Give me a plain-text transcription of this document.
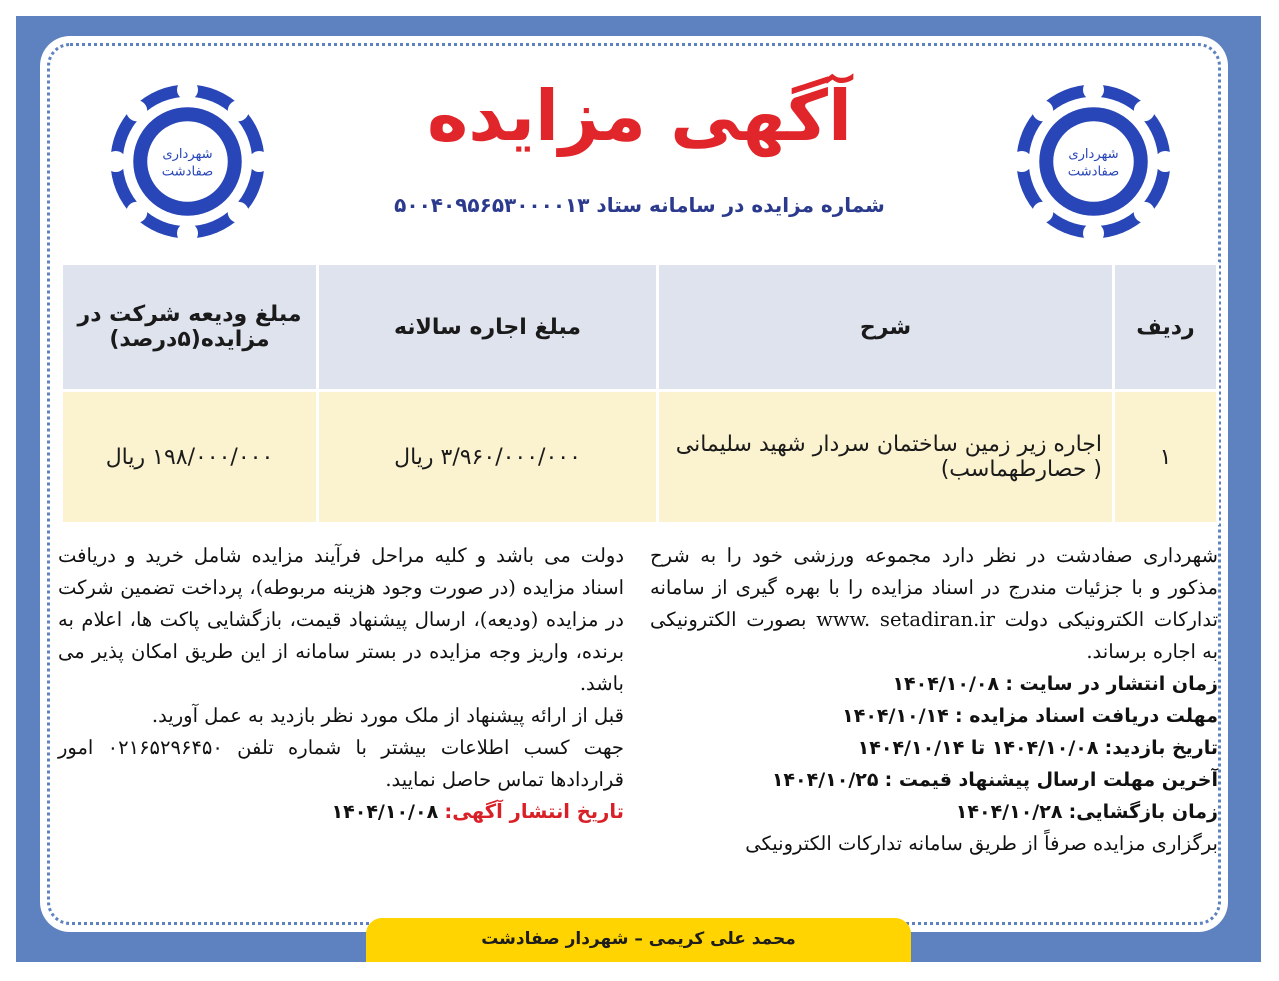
شهرداری
صفادشت
شهرداری
صفادشت
آگهی مزایده
شماره مزایده در سامانه ستاد ۵۰۰۴۰۹۵۶۵۳۰۰۰۰۱۳
ردیف	شرح	مبلغ اجاره سالانه	مبلغ ودیعه شرکت در مزایده(۵درصد)
۱	اجاره زیر زمین ساختمان سردار شهید سلیمانی ( حصارطهماسب)	۳/۹۶۰/۰۰۰/۰۰۰ ریال	۱۹۸/۰۰۰/۰۰۰ ریال
شهرداری صفادشت در نظر دارد مجموعه ورزشی خود را به شرح مذکور و با جزئیات مندرج در اسناد مزایده را با بهره گیری از سامانه تدارکات الکترونیکی دولت www. setadiran.ir بصورت الکترونیکی به اجاره برساند.
زمان انتشار در سایت : ۱۴۰۴/۱۰/۰۸
مهلت دریافت اسناد مزایده : ۱۴۰۴/۱۰/۱۴
تاریخ بازدید: ۱۴۰۴/۱۰/۰۸ تا ۱۴۰۴/۱۰/۱۴
آخرین مهلت ارسال پیشنهاد قیمت : ۱۴۰۴/۱۰/۲۵
زمان بازگشایی: ۱۴۰۴/۱۰/۲۸
برگزاری مزایده صرفاً از طریق سامانه تدارکات الکترونیکی
دولت می باشد و کلیه مراحل فرآیند مزایده شامل خرید و دریافت اسناد مزایده (در صورت وجود هزینه مربوطه)، پرداخت تضمین شرکت در مزایده (ودیعه)، ارسال پیشنهاد قیمت، بازگشایی پاکت ها، اعلام به برنده، واریز وجه مزایده در بستر سامانه از این طریق امکان پذیر می باشد.
قبل از ارائه پیشنهاد از ملک مورد نظر بازدید به عمل آورید.
جهت کسب اطلاعات بیشتر با شماره تلفن ۰۲۱۶۵۲۹۶۴۵۰ امور قراردادها تماس حاصل نمایید.
تاریخ انتشار آگهی: ۱۴۰۴/۱۰/۰۸
محمد علی کریمی – شهردار صفادشت
